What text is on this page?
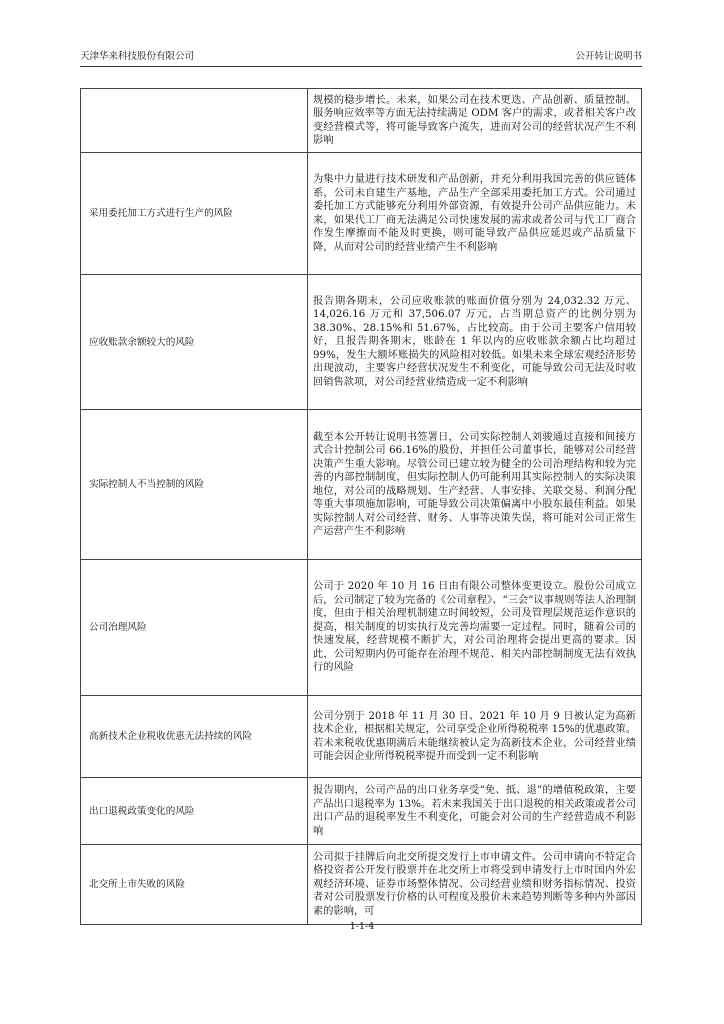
天津华来科技股份有限公司	公开转让说明书
	规模的稳步增长。未来，如果公司在技术更迭、产品创新、质量控制、服务响应效率等方面无法持续满足 ODM 客户的需求，或者相关客户改变经营模式等，将可能导致客户流失，进而对公司的经营状况产生不利影响
采用委托加工方式进行生产的风险	为集中力量进行技术研发和产品创新，并充分利用我国完善的供应链体系，公司未自建生产基地，产品生产全部采用委托加工方式。公司通过委托加工方式能够充分利用外部资源，有效提升公司产品供应能力。未来，如果代工厂商无法满足公司快速发展的需求或者公司与代工厂商合作发生摩擦而不能及时更换，则可能导致产品供应延迟或产品质量下降，从而对公司的经营业绩产生不利影响
应收账款余额较大的风险	报告期各期末，公司应收账款的账面价值分别为 24,032.32 万元、14,026.16 万元和 37,506.07 万元，占当期总资产的比例分别为 38.30%、28.15%和 51.67%，占比较高。由于公司主要客户信用较好，且报告期各期末，账龄在 1 年以内的应收账款余额占比均超过 99%，发生大额坏账损失的风险相对较低。如果未来全球宏观经济形势出现波动，主要客户经营状况发生不利变化，可能导致公司无法及时收回销售款项，对公司经营业绩造成一定不利影响
实际控制人不当控制的风险	截至本公开转让说明书签署日，公司实际控制人刘骏通过直接和间接方式合计控制公司 66.16%的股份，并担任公司董事长，能够对公司经营决策产生重大影响。尽管公司已建立较为健全的公司治理结构和较为完善的内部控制制度，但实际控制人仍可能利用其实际控制人的实际决策地位，对公司的战略规划、生产经营、人事安排、关联交易、利润分配等重大事项施加影响，可能导致公司决策偏离中小股东最佳利益。如果实际控制人对公司经营、财务、人事等决策失误，将可能对公司正常生产运营产生不利影响
公司治理风险	公司于 2020 年 10 月 16 日由有限公司整体变更设立。股份公司成立后，公司制定了较为完备的《公司章程》、“三会”议事规则等法人治理制度，但由于相关治理机制建立时间较短，公司及管理层规范运作意识的提高，相关制度的切实执行及完善均需要一定过程。同时，随着公司的快速发展，经营规模不断扩大，对公司治理将会提出更高的要求。因此，公司短期内仍可能存在治理不规范、相关内部控制制度无法有效执行的风险
高新技术企业税收优惠无法持续的风险	公司分别于 2018 年 11 月 30 日、2021 年 10 月 9 日被认定为高新技术企业，根据相关规定，公司享受企业所得税税率 15%的优惠政策。若未来税收优惠期满后未能继续被认定为高新技术企业，公司经营业绩可能会因企业所得税税率提升而受到一定不利影响
出口退税政策变化的风险	报告期内，公司产品的出口业务享受“免、抵、退”的增值税政策，主要产品出口退税率为 13%。若未来我国关于出口退税的相关政策或者公司出口产品的退税率发生不利变化，可能会对公司的生产经营造成不利影响
北交所上市失败的风险	公司拟于挂牌后向北交所提交发行上市申请文件。公司申请向不特定合格投资者公开发行股票并在北交所上市将受到申请发行上市时国内外宏观经济环境、证券市场整体情况、公司经营业绩和财务指标情况、投资者对公司股票发行价格的认可程度及股价未来趋势判断等多种内外部因素的影响，可
1-1-4
